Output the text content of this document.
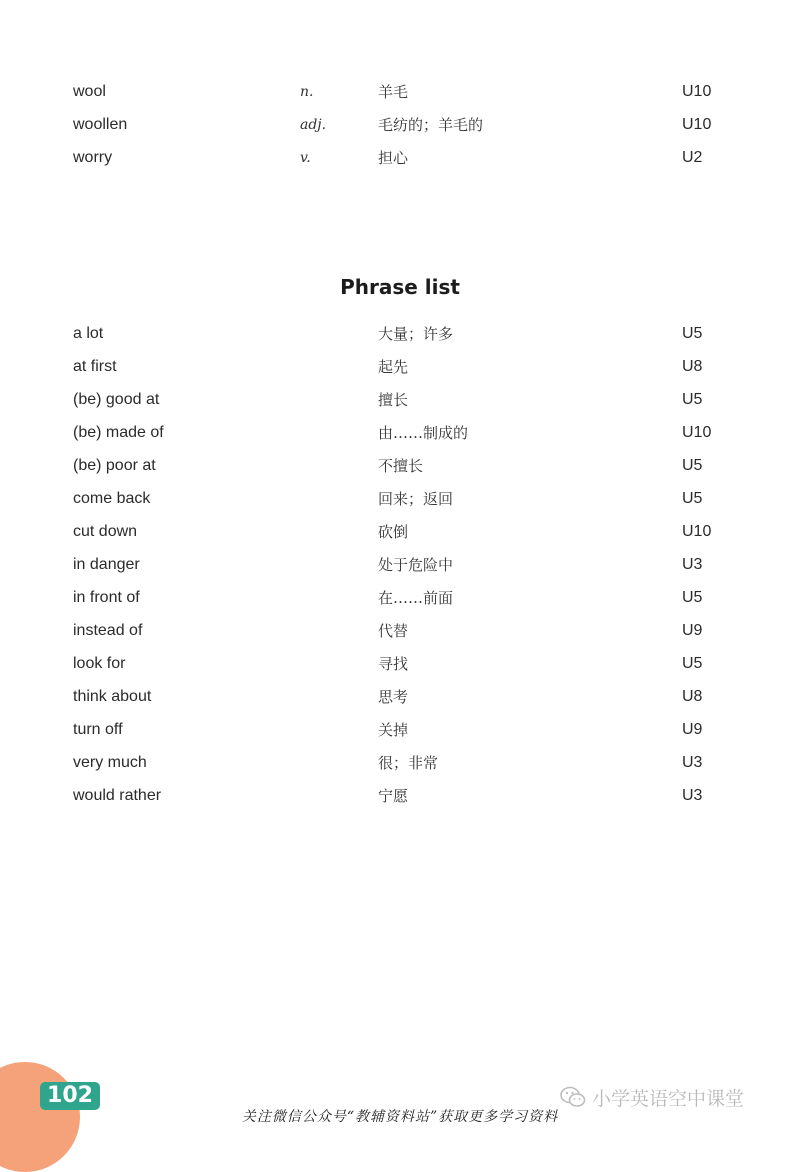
wool	n.	羊毛	U10
woollen	adj.	毛纺的；羊毛的	U10
worry	v.	担心	U2
Phrase list
a lot	大量；许多	U5
at first	起先	U8
(be) good at	擅长	U5
(be) made of	由……制成的	U10
(be) poor at	不擅长	U5
come back	回来；返回	U5
cut down	砍倒	U10
in danger	处于危险中	U3
in front of	在……前面	U5
instead of	代替	U9
look for	寻找	U5
think about	思考	U8
turn off	关掉	U9
very much	很；非常	U3
would rather	宁愿	U3
102	小学英语空中课堂
关注微信公众号“教辅资料站”获取更多学习资料
